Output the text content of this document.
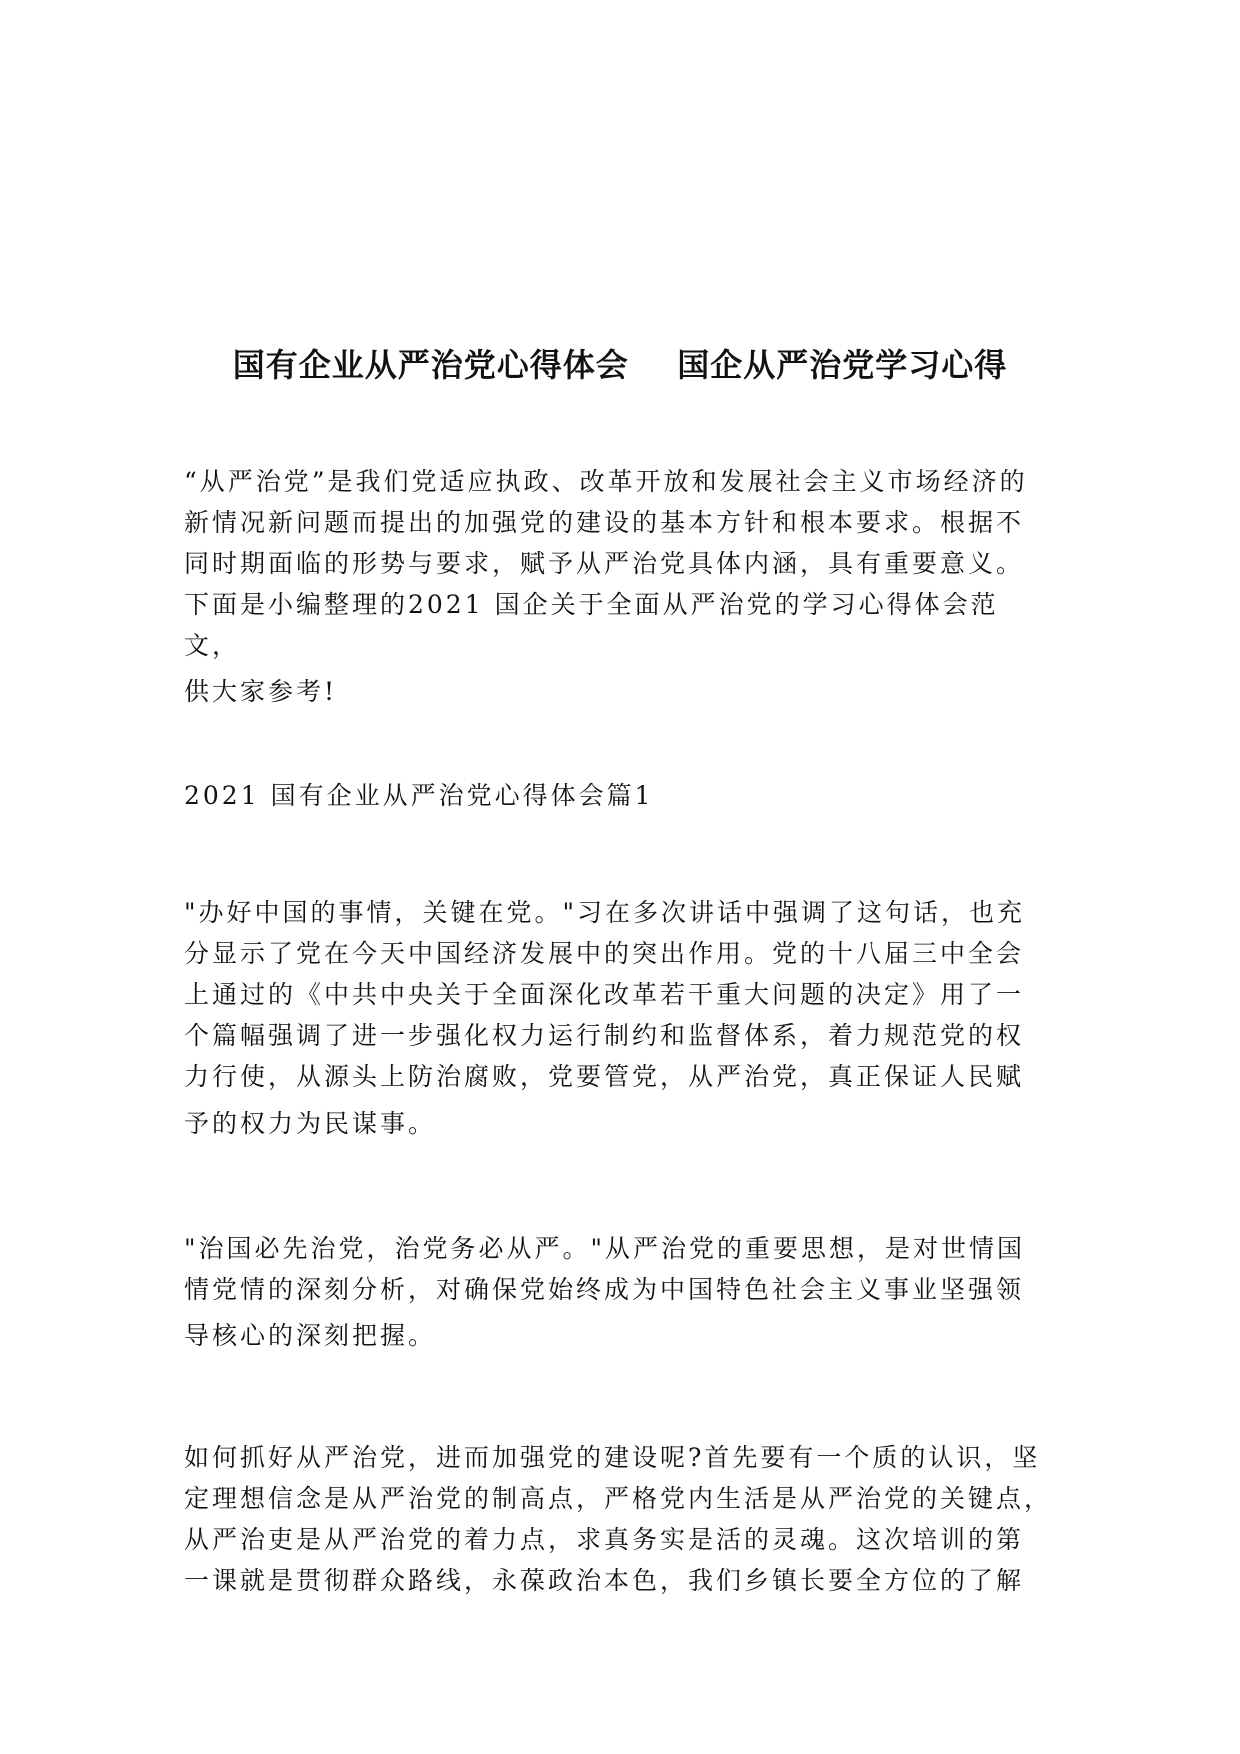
国有企业从严治党心得体会    国企从严治党学习心得
“从严治党”是我们党适应执政、改革开放和发展社会主义市场经济的
新情况新问题而提出的加强党的建设的基本方针和根本要求。根据不
同时期面临的形势与要求，赋予从严治党具体内涵，具有重要意义。
下面是小编整理的2021 国企关于全面从严治党的学习心得体会范
文，
供大家参考!
2021 国有企业从严治党心得体会篇1
"办好中国的事情，关键在党。"习在多次讲话中强调了这句话，也充
分显示了党在今天中国经济发展中的突出作用。党的十八届三中全会
上通过的《中共中央关于全面深化改革若干重大问题的决定》用了一
个篇幅强调了进一步强化权力运行制约和监督体系，着力规范党的权
力行使，从源头上防治腐败，党要管党，从严治党，真正保证人民赋
予的权力为民谋事。
"治国必先治党，治党务必从严。"从严治党的重要思想，是对世情国
情党情的深刻分析，对确保党始终成为中国特色社会主义事业坚强领
导核心的深刻把握。
如何抓好从严治党，进而加强党的建设呢?首先要有一个质的认识，坚
定理想信念是从严治党的制高点，严格党内生活是从严治党的关键点，
从严治吏是从严治党的着力点，求真务实是活的灵魂。这次培训的第
一课就是贯彻群众路线，永葆政治本色，我们乡镇长要全方位的了解
